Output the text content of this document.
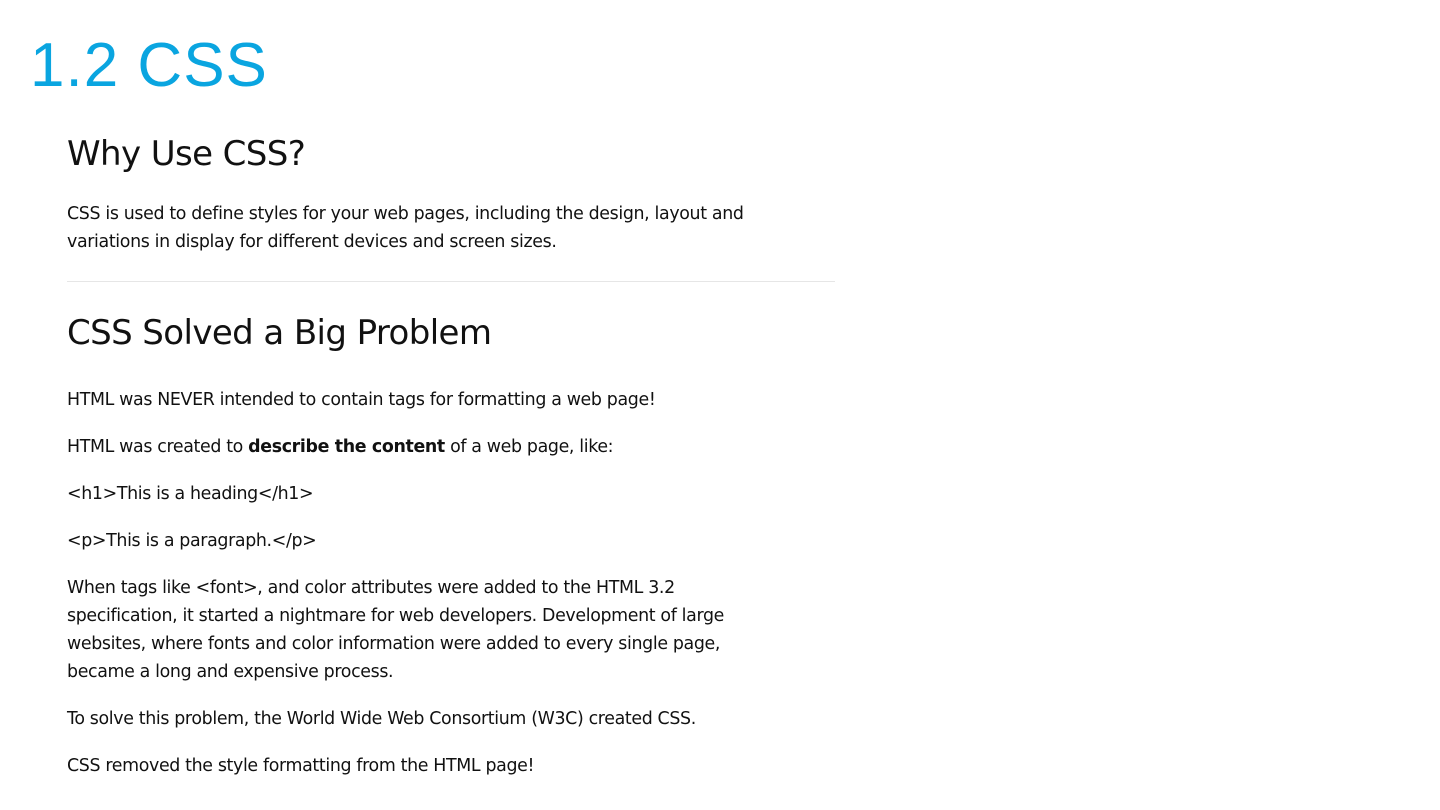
1.2 CSS
Why Use CSS?
CSS is used to define styles for your web pages, including the design, layout and
variations in display for different devices and screen sizes.
CSS Solved a Big Problem

HTML was NEVER intended to contain tags for formatting a web page!

HTML was created to describe the content of a web page, like:

<h1>This is a heading</h1>

<p>This is a paragraph.</p>

When tags like <font>, and color attributes were added to the HTML 3.2
specification, it started a nightmare for web developers. Development of large
websites, where fonts and color information were added to every single page,
became a long and expensive process.

To solve this problem, the World Wide Web Consortium (W3C) created CSS.

CSS removed the style formatting from the HTML page!
